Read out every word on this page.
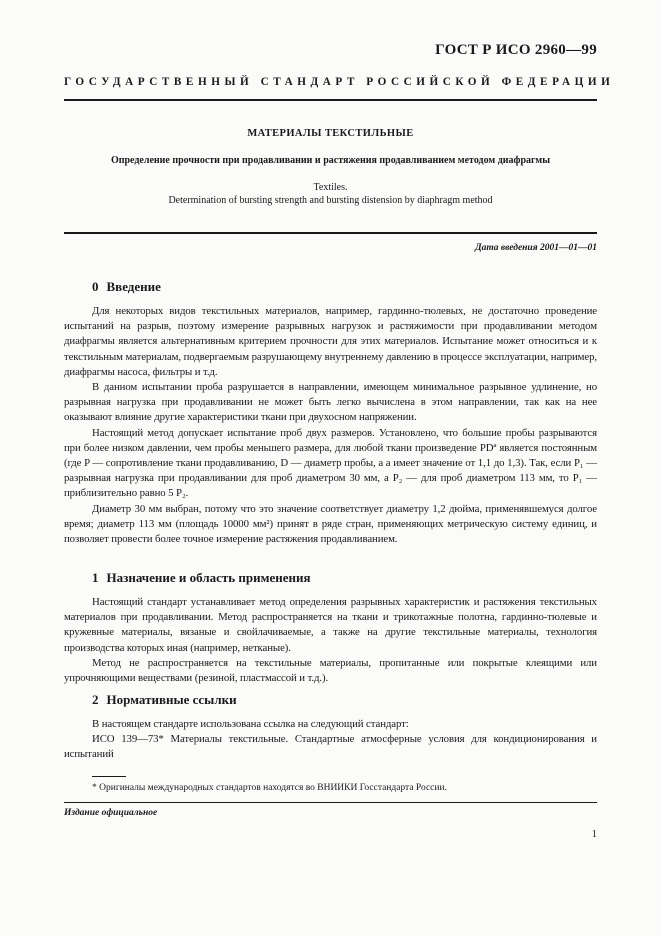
ГОСТ Р ИСО 2960—99
ГОСУДАРСТВЕННЫЙ СТАНДАРТ РОССИЙСКОЙ ФЕДЕРАЦИИ
МАТЕРИАЛЫ ТЕКСТИЛЬНЫЕ
Определение прочности при продавливании и растяжения продавливанием методом диафрагмы
Textiles.
Determination of bursting strength and bursting distension by diaphragm method
Дата введения 2001—01—01
0 Введение

Для некоторых видов текстильных материалов, например, гардинно-тюлевых, не достаточно проведение испытаний на разрыв, поэтому измерение разрывных нагрузок и растяжимости при продавливании методом диафрагмы является альтернативным критерием прочности для этих материалов. Испытание может относиться и к текстильным материалам, подвергаемым разрушающему внутреннему давлению в процессе эксплуатации, например, диафрагмы насоса, фильтры и т.д.

В данном испытании проба разрушается в направлении, имеющем минимальное разрывное удлинение, но разрывная нагрузка при продавливании не может быть легко вычислена в этом направлении, так как на нее оказывают влияние другие характеристики ткани при двухосном напряжении.

Настоящий метод допускает испытание проб двух размеров. Установлено, что большие пробы разрываются при более низком давлении, чем пробы меньшего размера, для любой ткани произведение PDª является постоянным (где P — сопротивление ткани продавливанию, D — диаметр пробы, а a имеет значение от 1,1 до 1,3). Так, если P₁ — разрывная нагрузка при продавливании для проб диаметром 30 мм, а P₂ — для проб диаметром 113 мм, то P₁ — приблизительно равно 5 P₂.

Диаметр 30 мм выбран, потому что это значение соответствует диаметру 1,2 дюйма, применявшемуся долгое время; диаметр 113 мм (площадь 10000 мм²) принят в ряде стран, применяющих метрическую систему единиц, и позволяет провести более точное измерение растяжения продавливанием.

1 Назначение и область применения

Настоящий стандарт устанавливает метод определения разрывных характеристик и растяжения текстильных материалов при продавливании. Метод распространяется на ткани и трикотажные полотна, гардинно-тюлевые и кружевные материалы, вязаные и свойлачиваемые, а также на другие текстильные материалы, технология производства которых иная (например, нетканые).

Метод не распространяется на текстильные материалы, пропитанные или покрытые клеящими или упрочняющими веществами (резиной, пластмассой и т.д.).

2 Нормативные ссылки

В настоящем стандарте использована ссылка на следующий стандарт:

ИСО 139—73* Материалы текстильные. Стандартные атмосферные условия для кондиционирования и испытаний

* Оригиналы международных стандартов находятся во ВНИИКИ Госстандарта России.
Издание официальное
1
